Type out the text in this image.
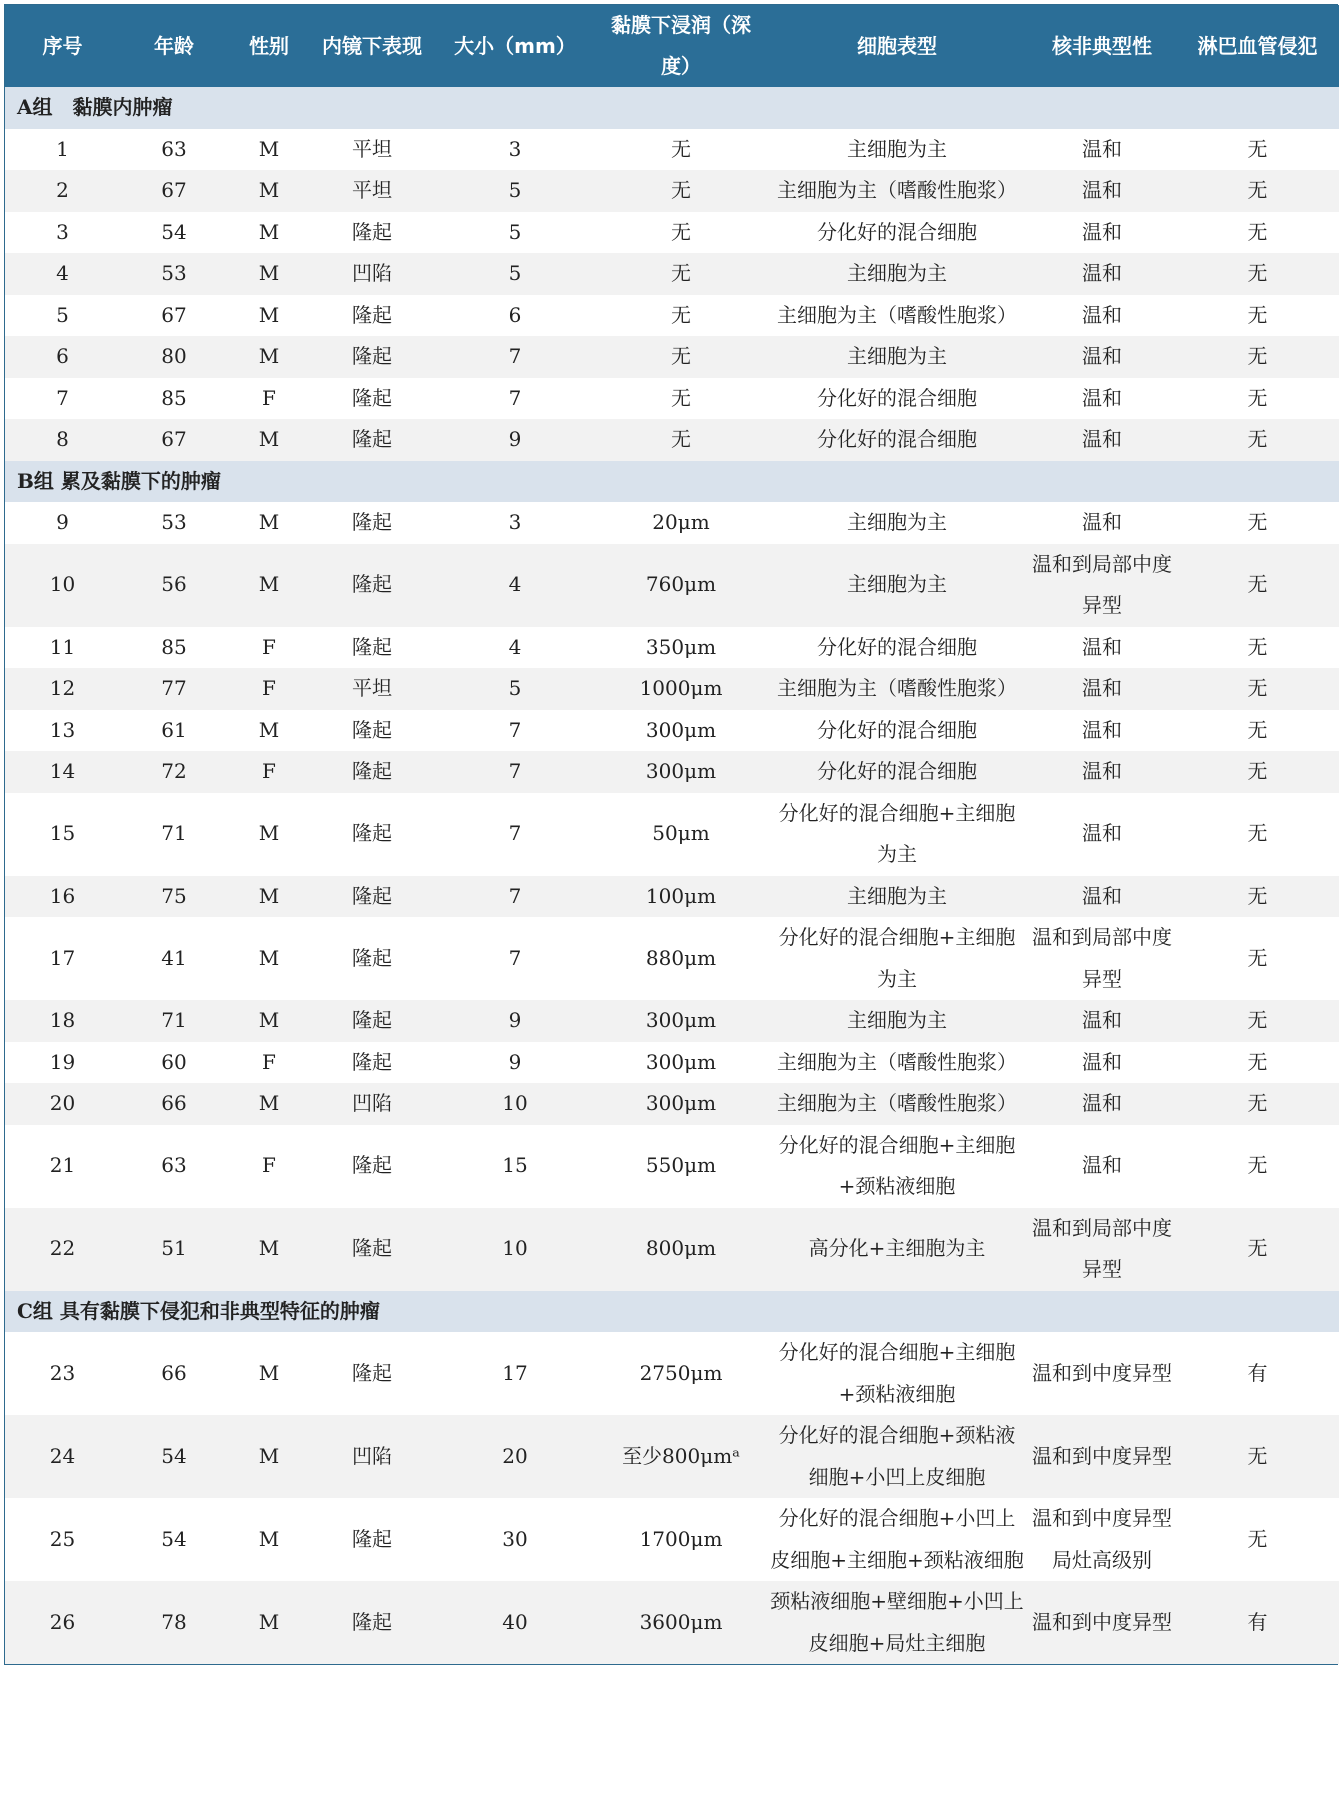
序号	年龄	性别	内镜下表现	大小（mm）	黏膜下浸润（深度）	细胞表型	核非典型性	淋巴血管侵犯
A组　黏膜内肿瘤								
1	63	M	平坦	3	无	主细胞为主	温和	无
2	67	M	平坦	5	无	主细胞为主（嗜酸性胞浆）	温和	无
3	54	M	隆起	5	无	分化好的混合细胞	温和	无
4	53	M	凹陷	5	无	主细胞为主	温和	无
5	67	M	隆起	6	无	主细胞为主（嗜酸性胞浆）	温和	无
6	80	M	隆起	7	无	主细胞为主	温和	无
7	85	F	隆起	7	无	分化好的混合细胞	温和	无
8	67	M	隆起	9	无	分化好的混合细胞	温和	无
B组 累及黏膜下的肿瘤								
9	53	M	隆起	3	20μm	主细胞为主	温和	无
10	56	M	隆起	4	760μm	主细胞为主	温和到局部中度异型	无
11	85	F	隆起	4	350μm	分化好的混合细胞	温和	无
12	77	F	平坦	5	1000μm	主细胞为主（嗜酸性胞浆）	温和	无
13	61	M	隆起	7	300μm	分化好的混合细胞	温和	无
14	72	F	隆起	7	300μm	分化好的混合细胞	温和	无
15	71	M	隆起	7	50μm	分化好的混合细胞+主细胞为主	温和	无
16	75	M	隆起	7	100μm	主细胞为主	温和	无
17	41	M	隆起	7	880μm	分化好的混合细胞+主细胞为主	温和到局部中度异型	无
18	71	M	隆起	9	300μm	主细胞为主	温和	无
19	60	F	隆起	9	300μm	主细胞为主（嗜酸性胞浆）	温和	无
20	66	M	凹陷	10	300μm	主细胞为主（嗜酸性胞浆）	温和	无
21	63	F	隆起	15	550μm	分化好的混合细胞+主细胞+颈粘液细胞	温和	无
22	51	M	隆起	10	800μm	高分化+主细胞为主	温和到局部中度异型	无
C组 具有黏膜下侵犯和非典型特征的肿瘤								
23	66	M	隆起	17	2750μm	分化好的混合细胞+主细胞+颈粘液细胞	温和到中度异型	有
24	54	M	凹陷	20	至少800μmᵃ	分化好的混合细胞+颈粘液细胞+小凹上皮细胞	温和到中度异型	无
25	54	M	隆起	30	1700μm	分化好的混合细胞+小凹上皮细胞+主细胞+颈粘液细胞	温和到中度异型局灶高级别	无
26	78	M	隆起	40	3600μm	颈粘液细胞+壁细胞+小凹上皮细胞+局灶主细胞	温和到中度异型	有
